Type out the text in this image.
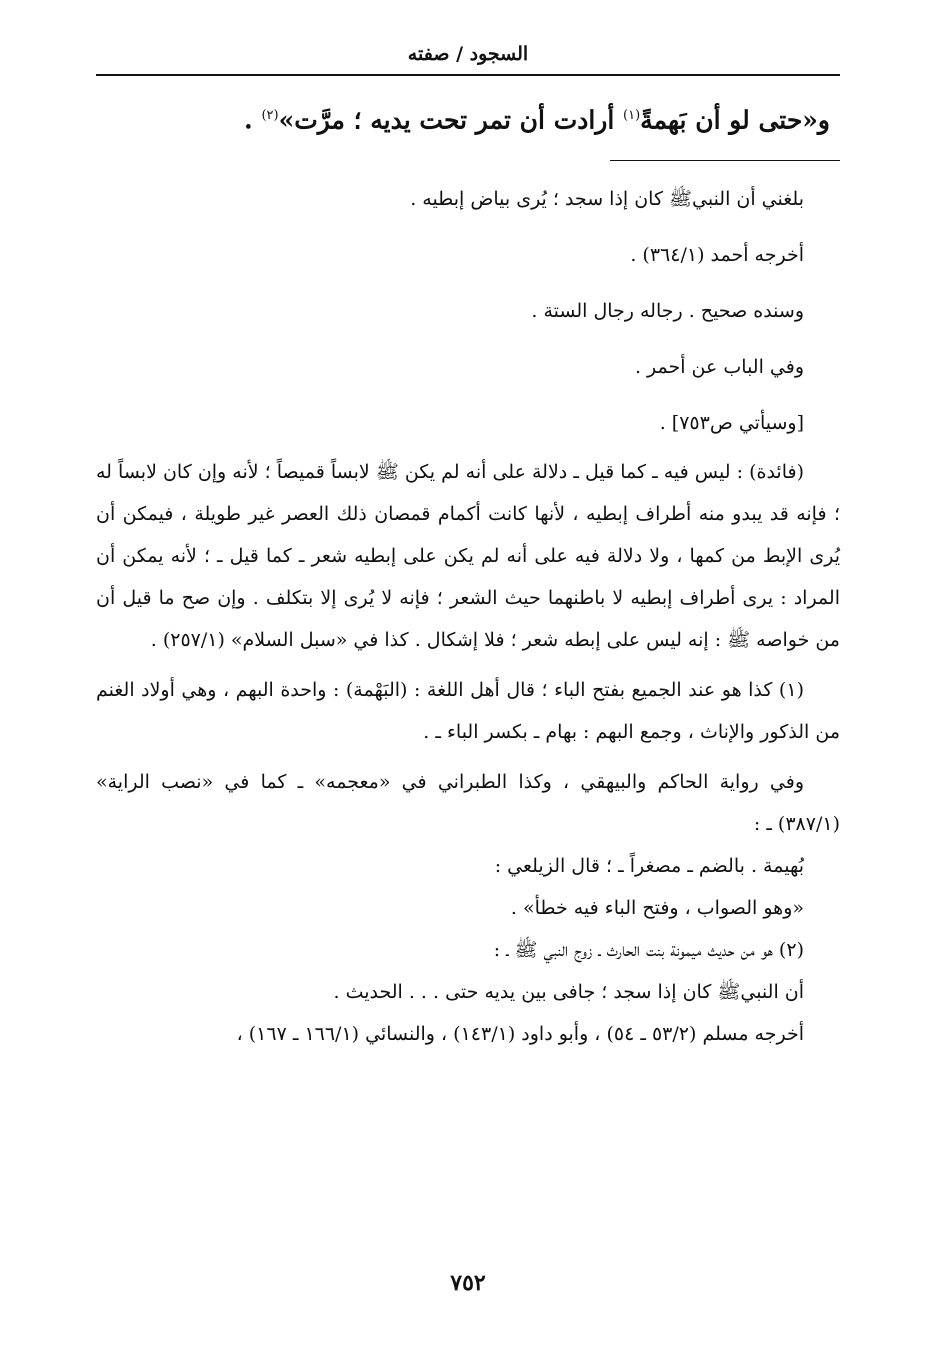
السجود / صفته
و«حتى لو أن بَهمةً$^{(١)}$ أرادت أن تمر تحت يديه ؛ مرَّت»$^{(٢)}$ .
بلغني أن النبيﷺ كان إذا سجد ؛ يُرى بياض إبطيه .
أخرجه أحمد (٣٦٤/١) .
وسنده صحيح . رجاله رجال الستة .
وفي الباب عن أحمر .
[وسيأتي ص٧٥٣] .
(فائدة) : ليس فيه ـ كما قيل ـ دلالة على أنه لم يكن ﷺ لابساً قميصاً ؛ لأنه وإن كان لابساً له ؛ فإنه قد يبدو منه أطراف إبطيه ، لأنها كانت أكمام قمصان ذلك العصر غير طويلة ، فيمكن أن يُرى الإبط من كمها ، ولا دلالة فيه على أنه لم يكن على إبطيه شعر ـ كما قيل ـ ؛ لأنه يمكن أن المراد : يرى أطراف إبطيه لا باطنهما حيث الشعر ؛ فإنه لا يُرى إلا بتكلف . وإن صح ما قيل أن من خواصه ﷺ : إنه ليس على إبطه شعر ؛ فلا إشكال . كذا في «سبل السلام» (٢٥٧/١) .
(١) كذا هو عند الجميع بفتح الباء ؛ قال أهل اللغة : (البَهْمة) : واحدة البهم ، وهي أولاد الغنم من الذكور والإناث ، وجمع البهم : بهام ـ بكسر الباء ـ .
وفي رواية الحاكم والبيهقي ، وكذا الطبراني في «معجمه» ـ كما في «نصب الراية» (٣٨٧/١) ـ :
بُهيمة . بالضم ـ مصغراً ـ ؛ قال الزيلعي :
«وهو الصواب ، وفتح الباء فيه خطأ» .
(٢) هو من حديث ميمونة بنت الحارث ـ زوج النبي ﷺ ـ :
أن النبيﷺ كان إذا سجد ؛ جافى بين يديه حتى . . . الحديث .
أخرجه مسلم (٥٣/٢ ـ ٥٤) ، وأبو داود (١٤٣/١) ، والنسائي (١٦٦/١ ـ ١٦٧) ،
٧٥٢
